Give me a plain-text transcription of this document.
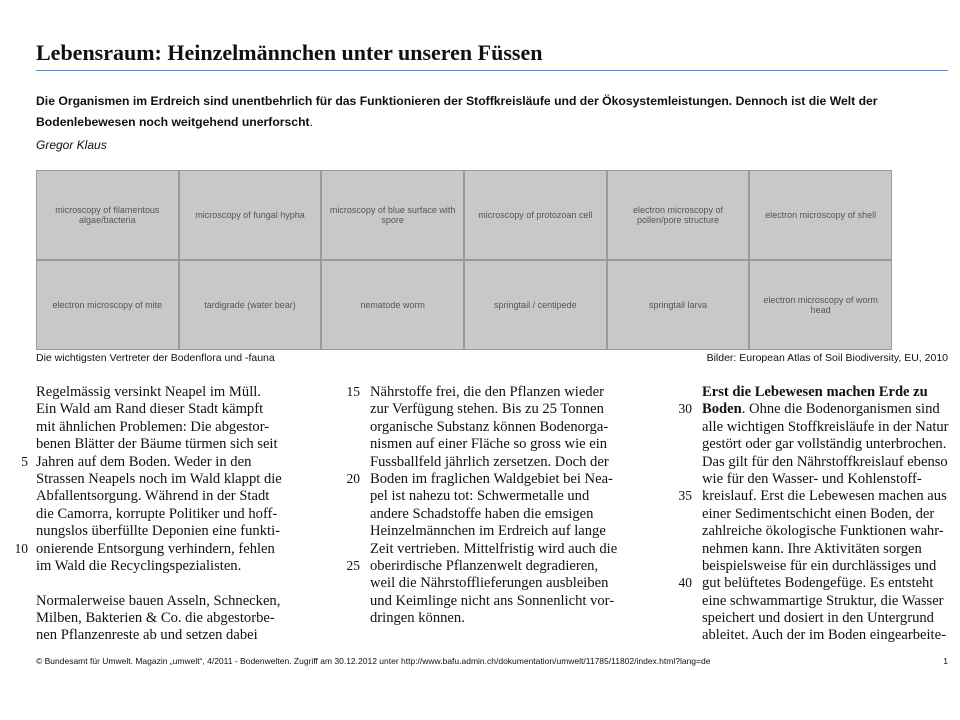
Lebensraum: Heinzelmännchen unter unseren Füssen
Die Organismen im Erdreich sind unentbehrlich für das Funktionieren der Stoffkreisläufe und der Ökosystemleistungen. Dennoch ist die Welt der Bodenlebewesen noch weitgehend unerforscht.
Gregor Klaus
microscopy of filamentous algae/bacteria	microscopy of fungal hypha	microscopy of blue surface with spore	microscopy of protozoan cell	electron microscopy of pollen/pore structure	electron microscopy of shell
electron microscopy of mite	tardigrade (water bear)	nematode worm	springtail / centipede	springtail larva	electron microscopy of worm head
Die wichtigsten Vertreter der Bodenflora und -fauna	Bilder: European Atlas of Soil Biodiversity, EU, 2010
Regelmässig versinkt Neapel im Müll.
Ein Wald am Rand dieser Stadt kämpft
mit ähnlichen Problemen: Die abgestor-
benen Blätter der Bäume türmen sich seit
Jahren auf dem Boden. Weder in den
Strassen Neapels noch im Wald klappt die
Abfallentsorgung. Während in der Stadt
die Camorra, korrupte Politiker und hoff-
nungslos überfüllte Deponien eine funkti-
onierende Entsorgung verhindern, fehlen
im Wald die Recyclingspezialisten.
Normalerweise bauen Asseln, Schnecken,
Milben, Bakterien & Co. die abgestorbe-
nen Pflanzenreste ab und setzen dabei
Nährstoffe frei, die den Pflanzen wieder
zur Verfügung stehen. Bis zu 25 Tonnen
organische Substanz können Bodenorga-
nismen auf einer Fläche so gross wie ein
Fussballfeld jährlich zersetzen. Doch der
Boden im fraglichen Waldgebiet bei Nea-
pel ist nahezu tot: Schwermetalle und
andere Schadstoffe haben die emsigen
Heinzelmännchen im Erdreich auf lange
Zeit vertrieben. Mittelfristig wird auch die
oberirdische Pflanzenwelt degradieren,
weil die Nährstofflieferungen ausbleiben
und Keimlinge nicht ans Sonnenlicht vor-
dringen können.
Erst die Lebewesen machen Erde zu
Boden. Ohne die Bodenorganismen sind
alle wichtigen Stoffkreisläufe in der Natur
gestört oder gar vollständig unterbrochen.
Das gilt für den Nährstoffkreislauf ebenso
wie für den Wasser- und Kohlenstoff-
kreislauf. Erst die Lebewesen machen aus
einer Sedimentschicht einen Boden, der
zahlreiche ökologische Funktionen wahr-
nehmen kann. Ihre Aktivitäten sorgen
beispielsweise für ein durchlässiges und
gut belüftetes Bodengefüge. Es entsteht
eine schwammartige Struktur, die Wasser
speichert und dosiert in den Untergrund
ableitet. Auch der im Boden eingearbeite-
5
10
15
20
25
30
35
40
© Bundesamt für Umwelt. Magazin „umwelt“, 4/2011 - Bodenwelten. Zugriff am 30.12.2012 unter http://www.bafu.admin.ch/dokumentation/umwelt/11785/11802/index.html?lang=de	1
